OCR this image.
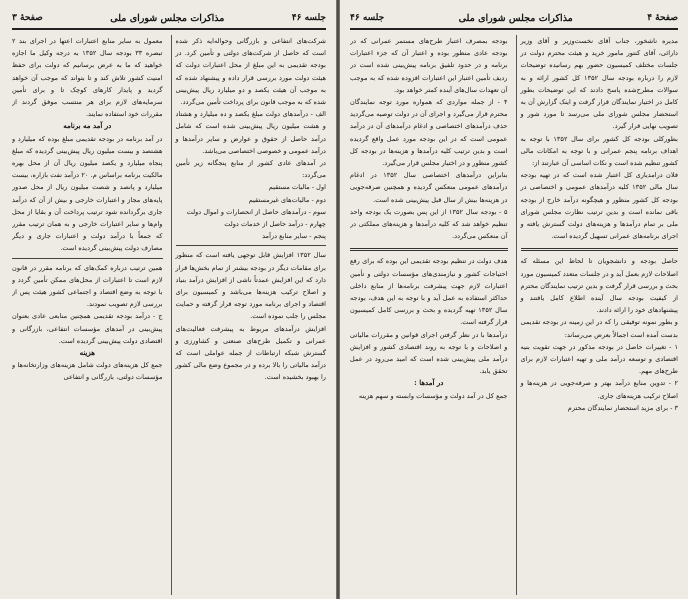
جلسه ۴۶
مذاکرات مجلس شورای ملی
صفحهٔ ۳

شرکت‌های انتفاعی و بازرگانی وحواله‌ایه ذکر شده است که حاصل از شرکت‌های دولتی و تأمین کرد. در بودجه تقدیمی به این مبلغ از محل اعتبارات دولت که هیئت دولت مورد بررسی قرار داده و پیشنهاد شده که به موجب آن هیئت یکصد و دو میلیارد ریال پیش‌بینی شده که به موجب قانون برای پرداخت تأمین می‌گردد.

الف - درآمد‌های دولت مبلغ یکصد و ده میلیارد و هشتاد و هشت میلیون ریال پیش‌بینی شده است که شامل درآمد حاصل از حقوق و عوارض و سایر درآمد‌ها و درآمد عمومی و خصوصی اختصاصی می‌باشد.

در آمد‌های عادی کشور از منابع پنجگانه زیر تأمین می‌گردد:

اول - مالیات مستقیم

دوم - مالیات‌های غیرمستقیم

سوم - درآمد‌های حاصل از انحصارات و اموال دولت

چهارم - درآمد حاصل از خدمات دولت

پنجم - سایر منابع درآمد

سال ۱۳۵۲ افزایش قابل توجهی یافته است که منظور برای مقامات دیگر در بودجه بیشتر از تمام بخش‌ها قرار دارد که این افزایش عمدتاً ناشی از افزایش درآمد بنیاد و اصلاح ترکیب هزینه‌ها می‌باشد و کمیسیون برای اقتصاد و اجرای برنامه مورد توجه قرار گرفته و حمایت مجلس را جلب نموده است.

افزایش درآمد‌های مربوط به پیشرفت فعالیت‌های عمرانی و تکمیل طرح‌های صنعتی و کشاورزی و گسترش شبکه ارتباطات از جمله عواملی است که درآمد مالیاتی را بالا برده و در مجموع وضع مالی کشور را بهبود بخشیده است.

معمول به سایر منابع اعتبارات اعتها در اجرای بند ۲ تبصره ۳۳ بودجه سال ۱۳۵۲ به درجه وکیل ما اجازه خواهید که ما به عرض برسانیم که دولت برای حفظ امنیت کشور تلاش کند و تا بتواند که موجب آن خواهد گردید و پایدار کارهای کوچک تا و برای تأمین سرمایه‌های لازم برای هر منتسب موفق گردند از مقررات خود استفاده نمایند.

در آمد مه برنامه

در آمد برنامه در بودجه تقدیمی مبلغ بوده که میلیارد و هشتصد و بیست میلیون ریال پیش‌بینی گردیده که مبلغ پنجاه میلیارد و یکصد میلیون ریال آن از محل بهره مالکیت برنامه براساس م. ۲۰ درآمد نفت بازاره، بیست میلیارد و پانصد و شصت میلیون ریال از محل صدور پایه‌های مجاز و اعتبارات خارجی و بیش از آن که درآمد جاری برگردانده شود ترتیب پرداخت آن و بقایا از محل وام‌ها و سایر اعتبارات خارجی و به همان ترتیب مقرر که جمعاً با درآمد دولت و اعتبارات جاری و دیگر مصارف دولت پیش‌بینی گردیده است.

همین ترتیب درباره کمک‌های که برنامه مقرر در قانون لازم است تا اعتبارات از محل‌های ممکن تأمین گردد و با توجه به وضع اقتصاد و اجتماعی کشور هیئت پس از بررسی لازم تصویب نمودند.

ج - درآمد بودجه تقدیمی همچنین منابعی عادی بعنوان پیش‌بینی در آمد‌های مؤسسات انتفاعی، بازرگانی و اقتصادی دولت پیش‌بینی گردیده است.

هزینه

جمع کل هزینه‌های دولت شامل هزینه‌های وزارتخانه‌ها و مؤسسات دولتی، بازرگانی و انتفاعی

صفحهٔ ۴
مذاکرات مجلس شورای ملی
جلسه ۴۶

مدیره ناشخور، جناب آقای نخست‌وزیر و آقای وزیر دارائی، آقای کنتور مامور خرید و هیئت محترم دولت در جلسات مختلف کمیسیون حضور بهم رسانیده توضیحات لازم را درباره بودجه سال ۱۳۵۲ کل کشور ارائه و به سوالات مطرح‌شده پاسخ دادند که این توضیحات بطور کامل در اختیار نمایندگان قرار گرفت و اینک گزارش آن به استحضار مجلس شورای ملی می‌رسد تا مورد شور و تصویب نهایی قرار گیرد.

بطورکلی بودجه کل کشور برای سال ۱۳۵۲ با توجه به اهداف برنامه پنجم عمرانی و با توجه به امکانات مالی کشور تنظیم شده است و نکات اساسی آن عبارتند از:

فلان درامدیاری کل اعتبار شده است که در تهیه بودجه سال مالی ۱۳۵۲ کلیه درآمد‌های عمومی و اختصاصی در بودجه کل کشور منظور و هیچگونه درآمد خارج از بودجه باقی نمانده است و بدین ترتیب نظارت مجلس شورای ملی بر تمام درآمد‌ها و هزینه‌های دولت گسترش یافته و اجرای برنامه‌های عمرانی تسهیل گردیده است.

حاصل بودجه و دانشجویان تا لحاظ این مسئله که اصلاحات لازم بعمل آید و در جلسات متعدد کمیسیون مورد بحث و بررسی قرار گرفت و بدین ترتیب نمایندگان محترم از کیفیت بودجه سال آینده اطلاع کامل یافتند و پیشنهاد‌های خود را ارائه دادند.

و بطور نمونه توفیقی را که در این زمینه در بودجه تقدیمی بدست آمده است اجمالاً بعرض می‌رساند:

۱ - تغییرات حاصل در بودجه مذکور در جهت تقویت بنیه اقتصادی و توسعه درآمد ملی و تهیه اعتبارات لازم برای طرح‌های مهم.

۲ - تدوین منابع درآمد بهتر و صرفه‌جویی در هزینه‌ها و اصلاح ترکیب هزینه‌های جاری.

۳ - برای مزید استحضار نمایندگان محترم

بودجه بمصرف اعتبار طرح‌های مستمر عمرانی که در بودجه عادی منظور بوده و اعتبار آن که جزء اعتبارات برنامه و در حدود تلفیق برنامه پیش‌بینی شده است در ردیف تأمین اعتبار این اعتبارات افزوده شده که به موجب آن تعهدات سال‌های آینده کمتر خواهد بود.

۴ - از جمله مواردی که همواره مورد توجه نمایندگان محترم قرار می‌گیرد و اجرای آن در دولت توصیه می‌گردید حذف درآمد‌های اختصاصی و ادغام درآمد‌های آن در درآمد عمومی است که در این بودجه مورد عمل واقع گردیده است و بدین ترتیب کلیه درآمد‌ها و هزینه‌ها در بودجه کل کشور منظور و در اختیار مجلس قرار می‌گیرد.

بنابراین درآمد‌های اختصاصی سال ۱۳۵۲ در ادغام درآمد‌های عمومی منعکس گردیده و همچنین صرفه‌جویی در هزینه‌ها بیش از سال قبل پیش‌بینی شده است.

۵ - بودجه سال ۱۳۵۲ از این پس بصورت یک بودجه واحد تنظیم خواهد شد که کلیه درآمد‌ها و هزینه‌های مملکتی در آن منعکس می‌گردد.

هدف دولت در تنظیم بودجه تقدیمی این بوده که برای رفع احتیاجات کشور و نیازمندی‌های مؤسسات دولتی و تأمین اعتبارات لازم جهت پیشرفت برنامه‌ها از منابع داخلی حداکثر استفاده به عمل آید و با توجه به این هدف، بودجه سال ۱۳۵۲ تهیه گردیده و بحث و بررسی کامل کمیسیون قرار گرفته است.

درآمد‌ها با در نظر گرفتن اجرای قوانین و مقررات مالیاتی و اصلاحات و با توجه به روند اقتصادی کشور و افزایش درآمد ملی پیش‌بینی شده است که امید می‌رود در عمل تحقق یابد.

در آمدها :

جمع کل در آمد دولت و مؤسسات وابسته و سهم هزینه
